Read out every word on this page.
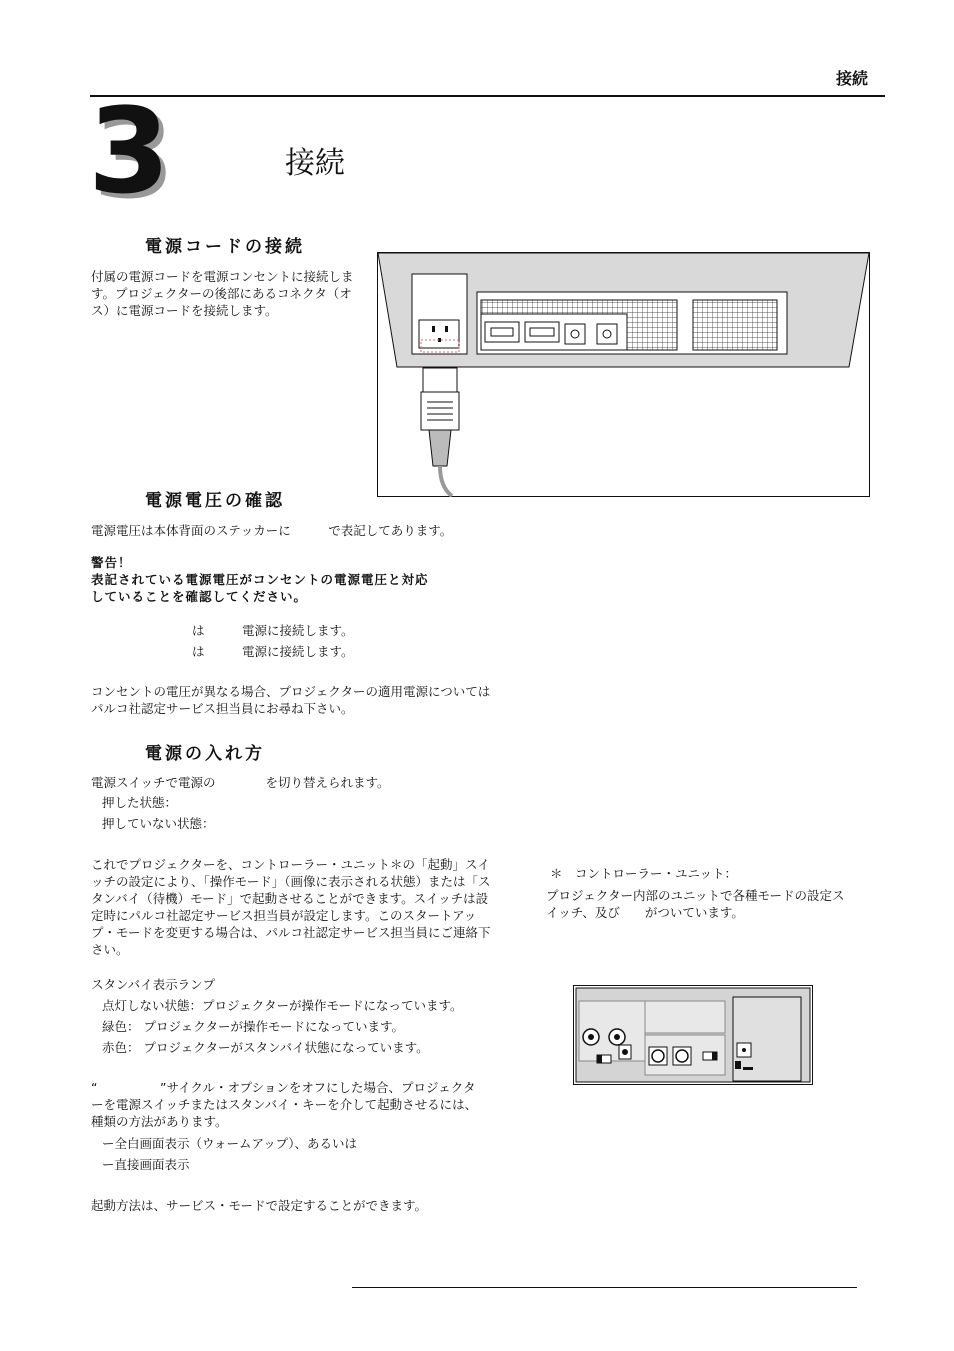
接続
3	接続
電源コードの接続
付属の電源コードを電源コンセントに接続しま
す。プロジェクターの後部にあるコネクタ（オ
ス）に電源コードを接続します。
電源電圧の確認
電源電圧は本体背面のステッカーに　　　で表記してあります。
警告！
表記されている電源電圧がコンセントの電源電圧と対応
していることを確認してください。
は　　　電源に接続します。
は　　　電源に接続します。
コンセントの電圧が異なる場合、プロジェクターの適用電源については
パルコ社認定サービス担当員にお尋ね下さい。
電源の入れ方
電源スイッチで電源の　　　　を切り替えられます。
押した状態：
押していない状態：
これでプロジェクターを、コントローラー・ユニット＊の「起動」スイ
ッチの設定により、「操作モード」（画像に表示される状態）または「ス
タンバイ（待機）モード」で起動させることができます。スイッチは設
定時にパルコ社認定サービス担当員が設定します。このスタートアッ
プ・モードを変更する場合は、パルコ社認定サービス担当員にご連絡下
さい。
スタンバイ表示ランプ
点灯しない状態：プロジェクターが操作モードになっています。
緑色： プロジェクターが操作モードになっています。
赤色： プロジェクターがスタンバイ状態になっています。
“　　　　　”サイクル・オプションをオフにした場合、プロジェクタ
ーを電源スイッチまたはスタンバイ・キーを介して起動させるには、
種類の方法があります。
ー全白画面表示（ウォームアップ）、あるいは
ー直接画面表示
起動方法は、サービス・モードで設定することができます。
＊　コントローラー・ユニット：
プロジェクター内部のユニットで各種モードの設定ス
イッチ、及び　　がついています。
